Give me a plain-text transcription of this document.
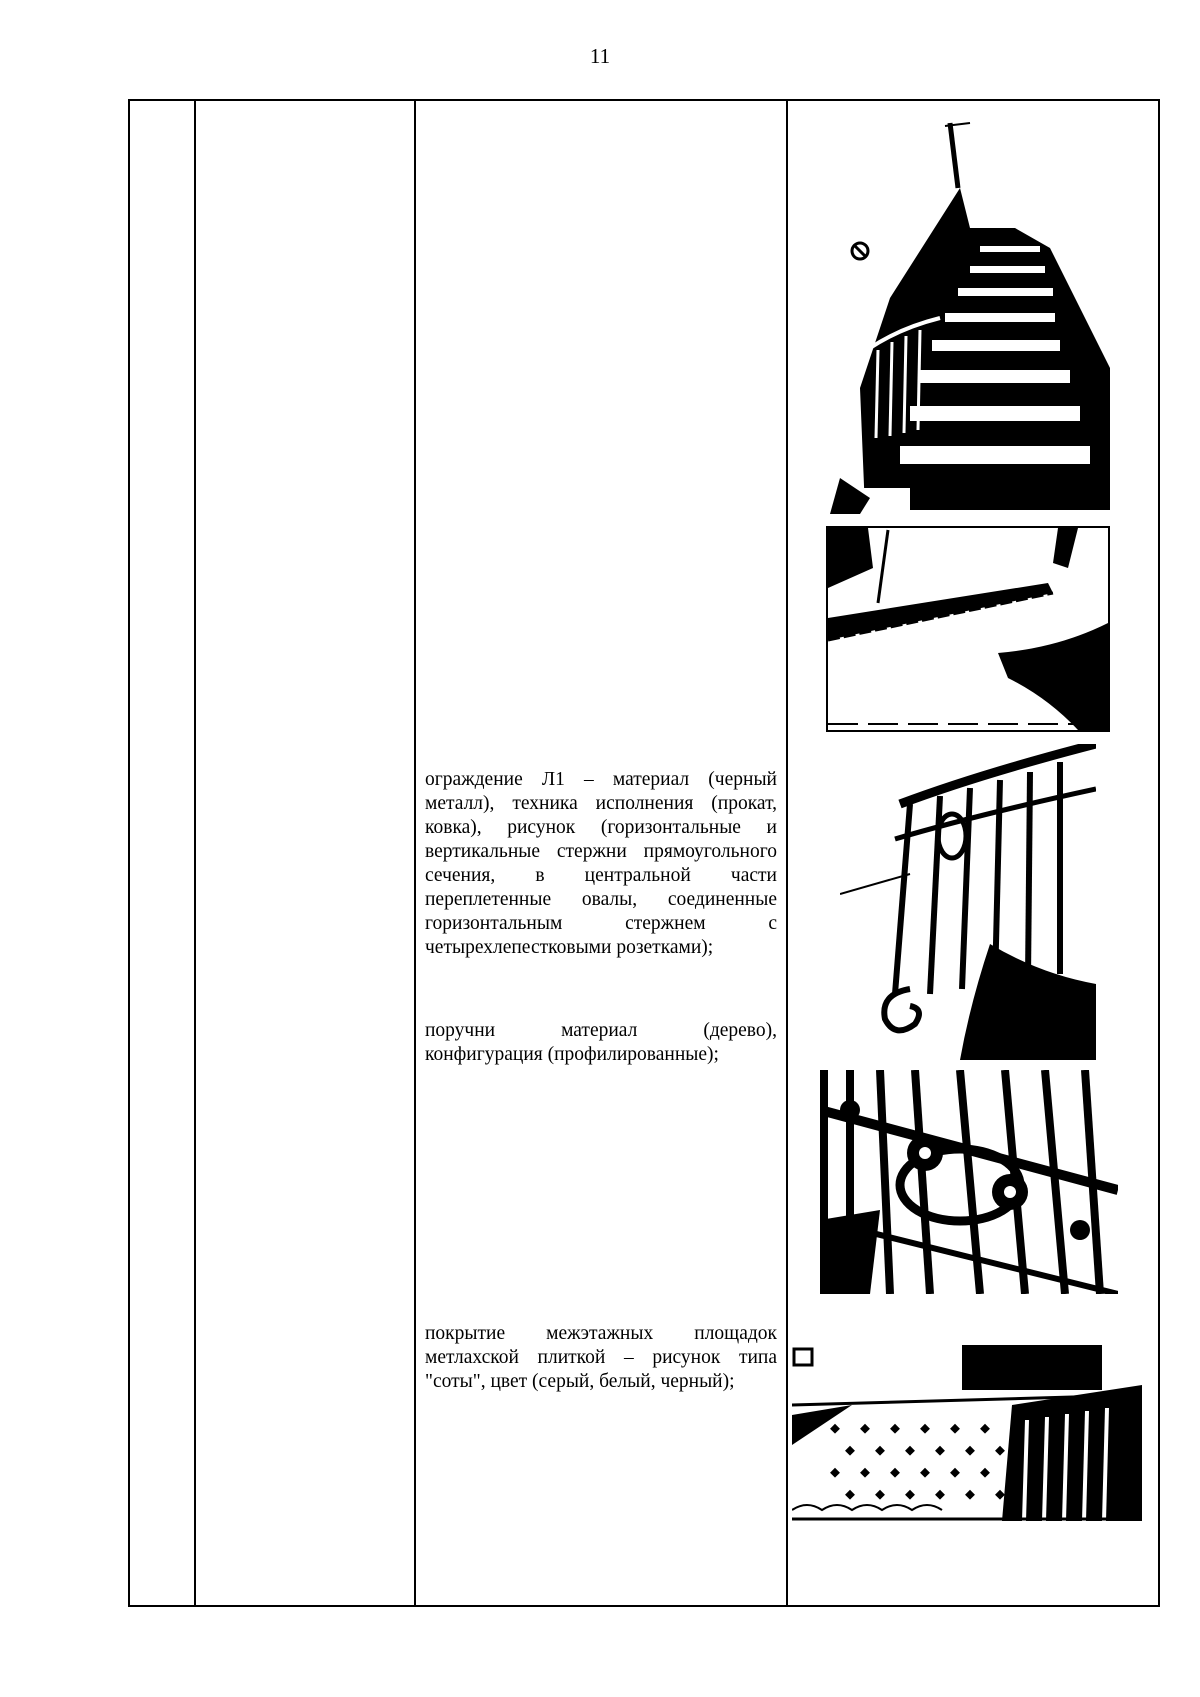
11
ограждение Л1 – материал (черный металл), техника исполнения (прокат, ковка), рисунок (горизонтальные и вертикальные стержни прямоугольного сечения, в центральной части переплетенные овалы, соединенные горизонтальным стержнем с четырехлепестковыми розетками);
поручни материал (дерево), конфигурация (профилированные);
покрытие межэтажных площадок метлахской плиткой – рисунок типа "соты", цвет (серый, белый, черный);
